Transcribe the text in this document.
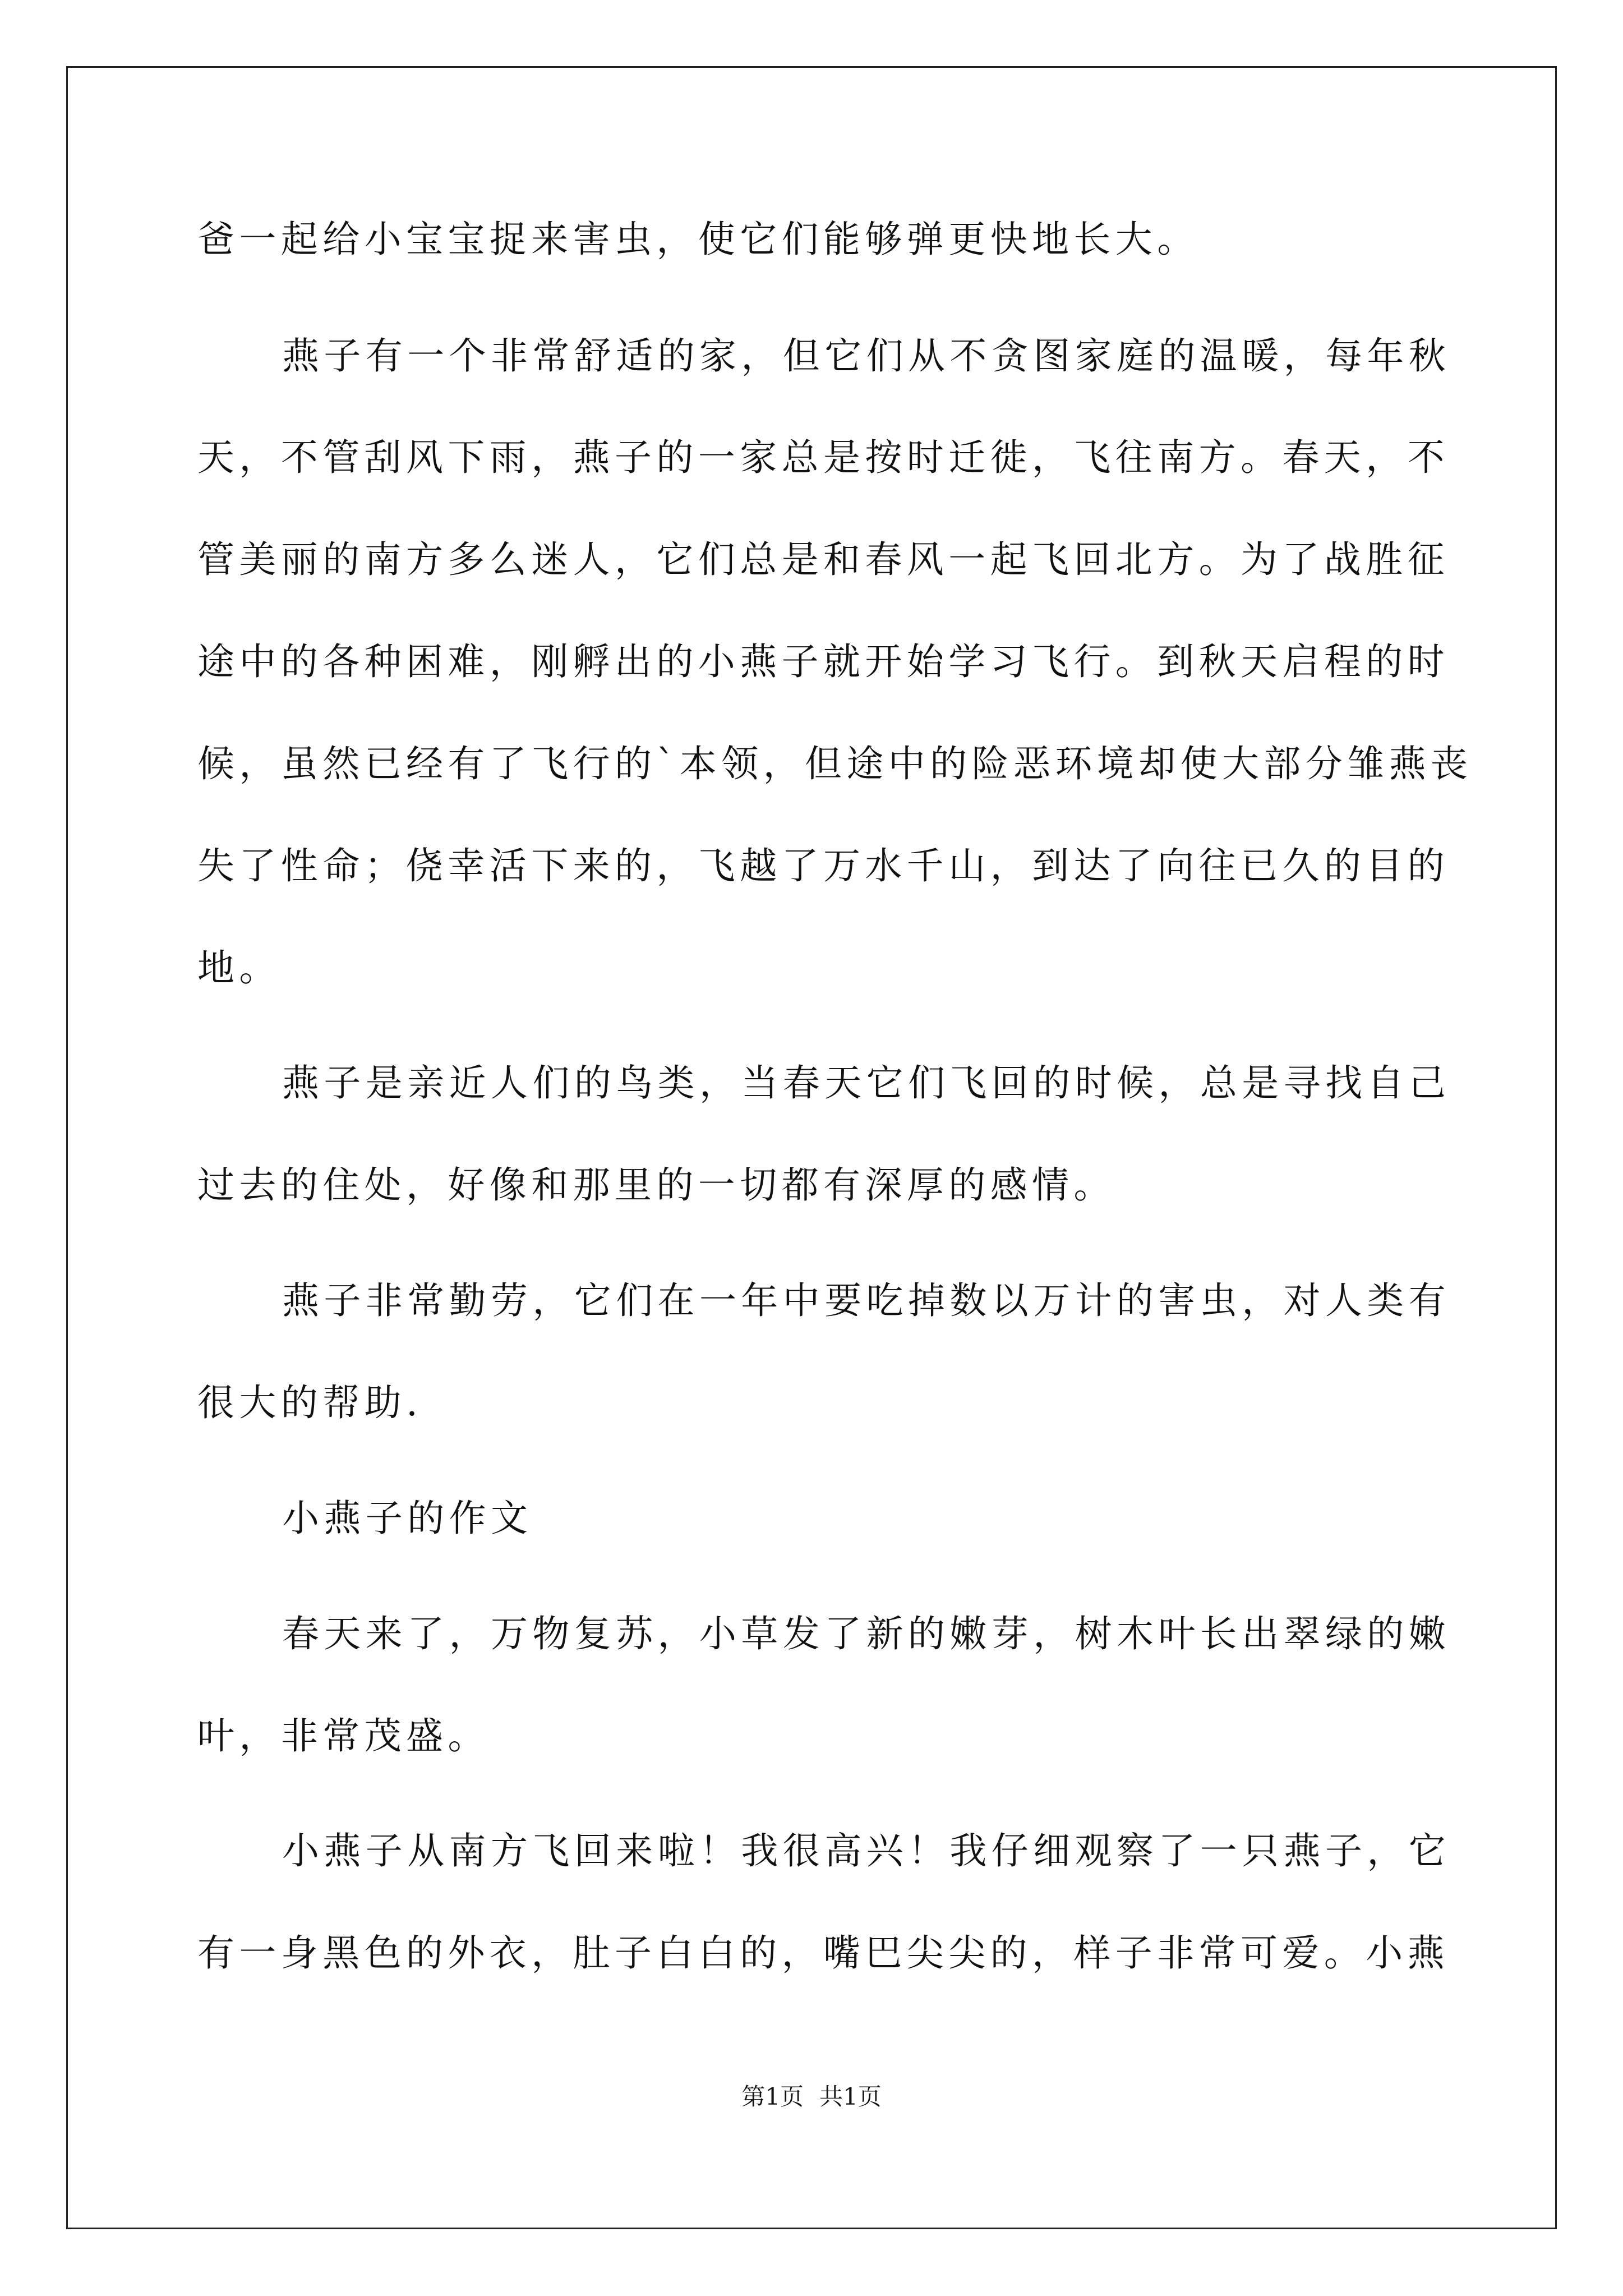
爸一起给小宝宝捉来害虫，使它们能够弹更快地长大。

燕子有一个非常舒适的家，但它们从不贪图家庭的温暖，每年秋

天，不管刮风下雨，燕子的一家总是按时迁徙，飞往南方。春天，不

管美丽的南方多么迷人，它们总是和春风一起飞回北方。为了战胜征

途中的各种困难，刚孵出的小燕子就开始学习飞行。到秋天启程的时

候，虽然已经有了飞行的`本领，但途中的险恶环境却使大部分雏燕丧

失了性命；侥幸活下来的，飞越了万水千山，到达了向往已久的目的

地。

燕子是亲近人们的鸟类，当春天它们飞回的时候，总是寻找自己

过去的住处，好像和那里的一切都有深厚的感情。

燕子非常勤劳，它们在一年中要吃掉数以万计的害虫，对人类有

很大的帮助.

小燕子的作文

春天来了，万物复苏，小草发了新的嫩芽，树木叶长出翠绿的嫩

叶，非常茂盛。

小燕子从南方飞回来啦！我很高兴！我仔细观察了一只燕子，它

有一身黑色的外衣，肚子白白的，嘴巴尖尖的，样子非常可爱。小燕

第1页 共1页
